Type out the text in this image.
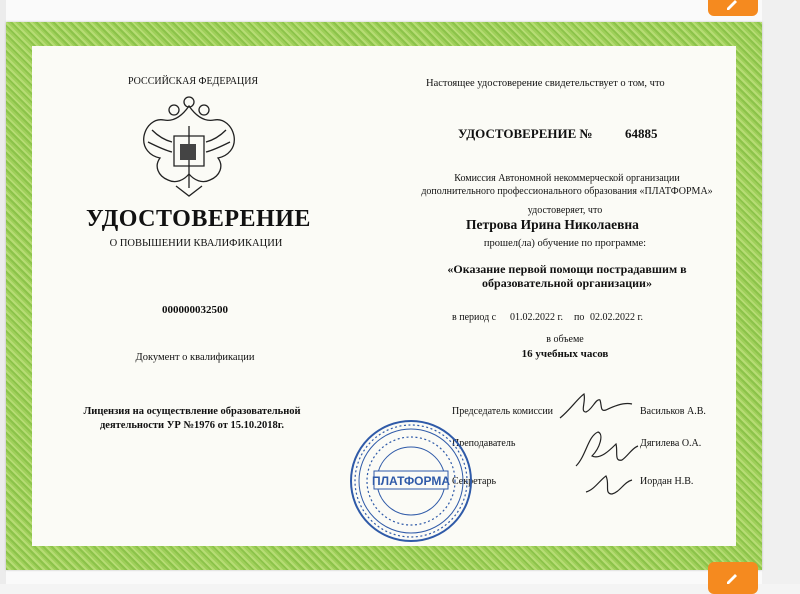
РОССИЙСКАЯ ФЕДЕРАЦИЯ
УДОСТОВЕРЕНИЕ
О ПОВЫШЕНИИ КВАЛИФИКАЦИИ
000000032500
Документ о квалификации
Лицензия на осуществление образовательной
деятельности УР №1976 от 15.10.2018г.
Настоящее удостоверение свидетельствует о том, что
УДОСТОВЕРЕНИЕ № 64885
Комиссия Автономной некоммерческой организации
дополнительного профессионального образования «ПЛАТФОРМА»
удостоверяет, что
Петрова Ирина Николаевна
прошел(ла) обучение по программе:
«Оказание первой помощи пострадавшим в
образовательной организации»
в период с 01.02.2022 г. по 02.02.2022 г.
в объеме
16 учебных часов
Председатель комиссии	Васильков А.В.
Преподаватель	Дягилева О.А.
Секретарь	Иордан Н.В.
ПЛАТФОРМА
